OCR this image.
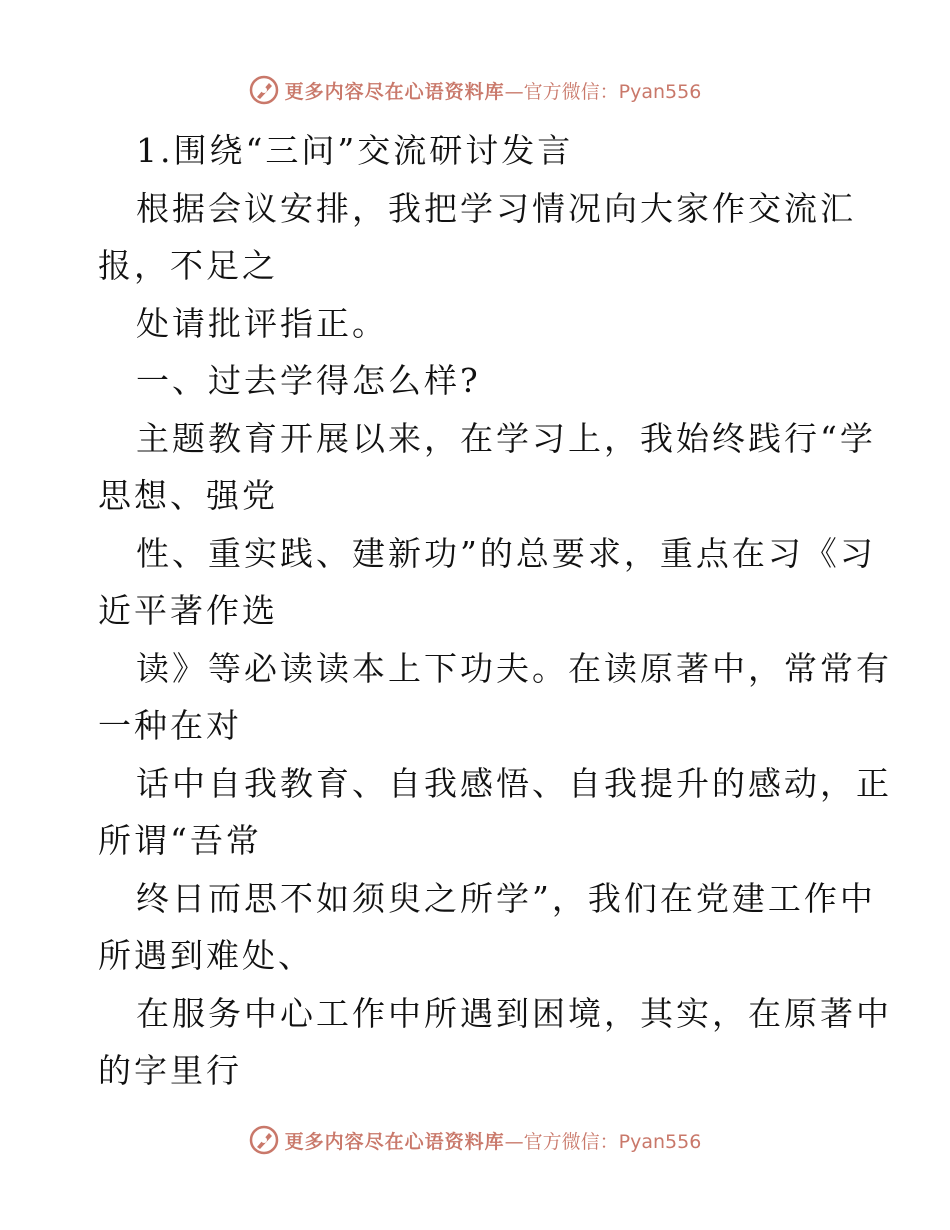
更多内容尽在心语资料库 —官方微信：Pyan556
1.围绕“三问”交流研讨发言
根据会议安排，我把学习情况向大家作交流汇
报，不足之
处请批评指正。
一、过去学得怎么样?
主题教育开展以来，在学习上，我始终践行“学
思想、强党
性、重实践、建新功”的总要求，重点在习《习
近平著作选
读》等必读读本上下功夫。在读原著中，常常有
一种在对
话中自我教育、自我感悟、自我提升的感动，正
所谓“吾常
终日而思不如须臾之所学”，我们在党建工作中
所遇到难处、
在服务中心工作中所遇到困境，其实，在原著中
的字里行
更多内容尽在心语资料库 —官方微信：Pyan556
